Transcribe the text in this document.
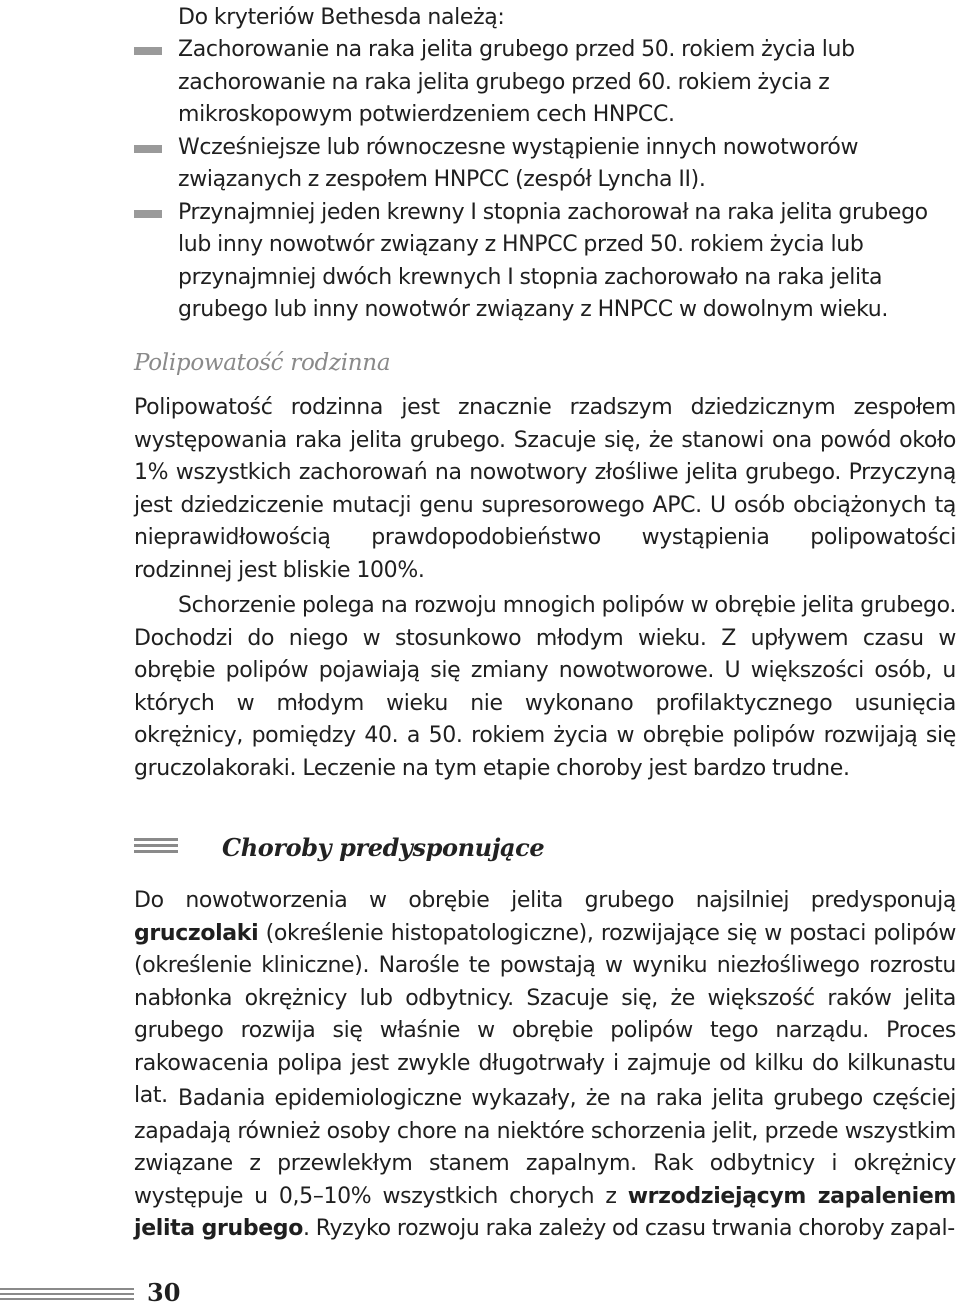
Do kryteriów Bethesda należą:

Zachorowanie na raka jelita grubego przed 50. rokiem życia lub zachorowanie na raka jelita grubego przed 60. rokiem życia z mikroskopowym potwierdzeniem cech HNPCC.
Wcześniejsze lub równoczesne wystąpienie innych nowotworów związanych z zespołem HNPCC (zespół Lyncha II).
Przynajmniej jeden krewny I stopnia zachorował na raka jelita grubego lub inny nowotwór związany z HNPCC przed 50. rokiem życia lub przynajmniej dwóch krewnych I stopnia zachorowało na raka jelita grubego lub inny nowotwór związany z HNPCC w dowolnym wieku.
Polipowatość rodzinna

Polipowatość rodzinna jest znacznie rzadszym dziedzicznym zespołem występowania raka jelita grubego. Szacuje się, że stanowi ona powód około 1% wszystkich zachorowań na nowotwory złośliwe jelita grubego. Przyczyną jest dziedziczenie mutacji genu supresorowego APC. U osób obciążonych tą nieprawidłowością prawdopodobieństwo wystąpienia polipowatości rodzinnej jest bliskie 100%.

Schorzenie polega na rozwoju mnogich polipów w obrębie jelita grubego. Dochodzi do niego w stosunkowo młodym wieku. Z upływem czasu w obrębie polipów pojawiają się zmiany nowotworowe. U większości osób, u których w młodym wieku nie wykonano profilaktycznego usunięcia okrężnicy, pomiędzy 40. a 50. rokiem życia w obrębie polipów rozwijają się gruczolakoraki. Leczenie na tym etapie choroby jest bardzo trudne.

Choroby predysponujące

Do nowotworzenia w obrębie jelita grubego najsilniej predysponują gruczolaki (określenie histopatologiczne), rozwijające się w postaci polipów (określenie kliniczne). Narośle te powstają w wyniku niezłośliwego rozrostu nabłonka okrężnicy lub odbytnicy. Szacuje się, że większość raków jelita grubego rozwija się właśnie w obrębie polipów tego narządu. Proces rakowacenia polipa jest zwykle długotrwały i zajmuje od kilku do kilkunastu lat. Badania epidemiologiczne wykazały, że na raka jelita grubego częściej zapadają również osoby chore na niektóre schorzenia jelit, przede wszystkim związane z przewlekłym stanem zapalnym. Rak odbytnicy i okrężnicy występuje u 0,5–10% wszystkich chorych z wrzodziejącym zapaleniem jelita grubego. Ryzyko rozwoju raka zależy od czasu trwania choroby zapal-

30
